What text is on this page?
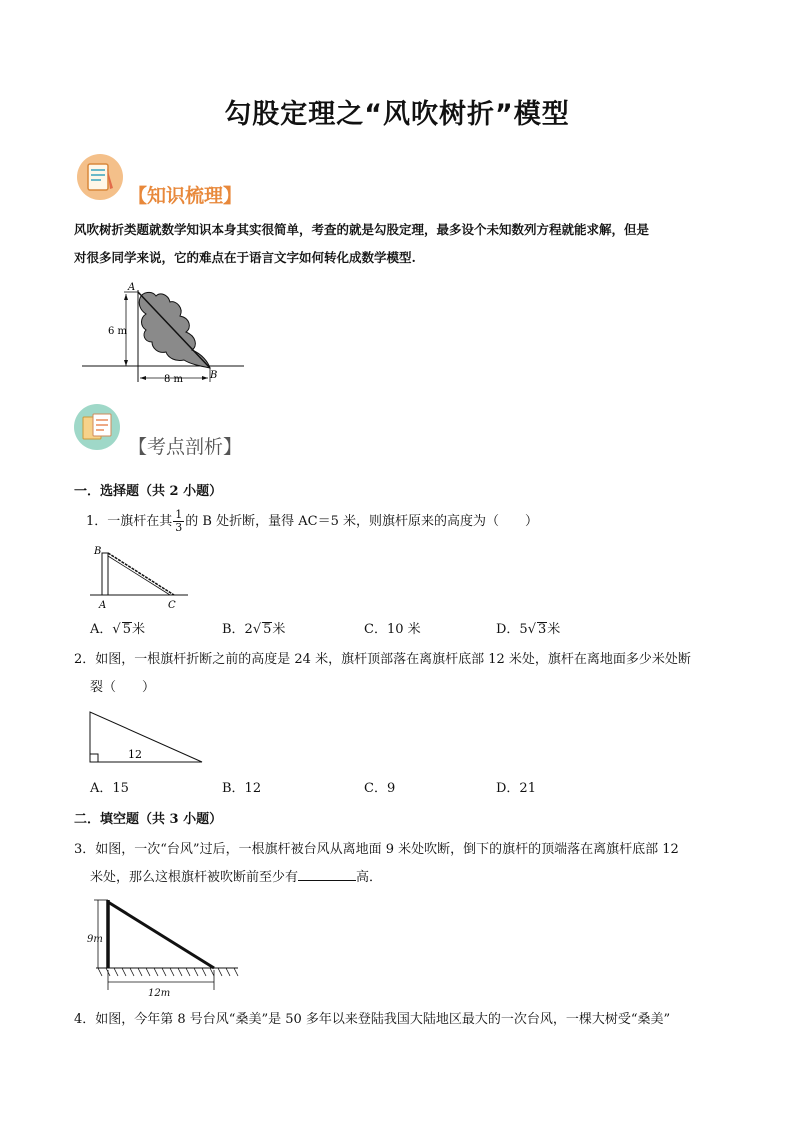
勾股定理之“风吹树折”模型
【知识梳理】
风吹树折类题就数学知识本身其实很简单，考查的就是勾股定理，最多设个未知数列方程就能求解，但是
对很多同学来说，它的难点在于语言文字如何转化成数学模型.
A
B
6 m
8 m
【考点剖析】
一．选择题（共 2 小题）
1．一旗杆在其 $\frac{1}{3}$ 的 B 处折断，量得 AC＝5 米，则旗杆原来的高度为（　　）
B
A	C
A．√ 5米	B．2√ 5米	C．10 米	D．5√ 3米
2．如图，一根旗杆折断之前的高度是 24 米，旗杆顶部落在离旗杆底部 12 米处，旗杆在离地面多少米处断
裂（　　）
12
A．15	B．12	C．9	D．21
二．填空题（共 3 小题）
3．如图，一次“台风”过后，一根旗杆被台风从离地面 9 米处吹断，倒下的旗杆的顶端落在离旗杆底部 12
米处，那么这根旗杆被吹断前至少有	高．
9m
12m
4．如图，今年第 8 号台风“桑美”是 50 多年以来登陆我国大陆地区最大的一次台风，一棵大树受“桑美”
